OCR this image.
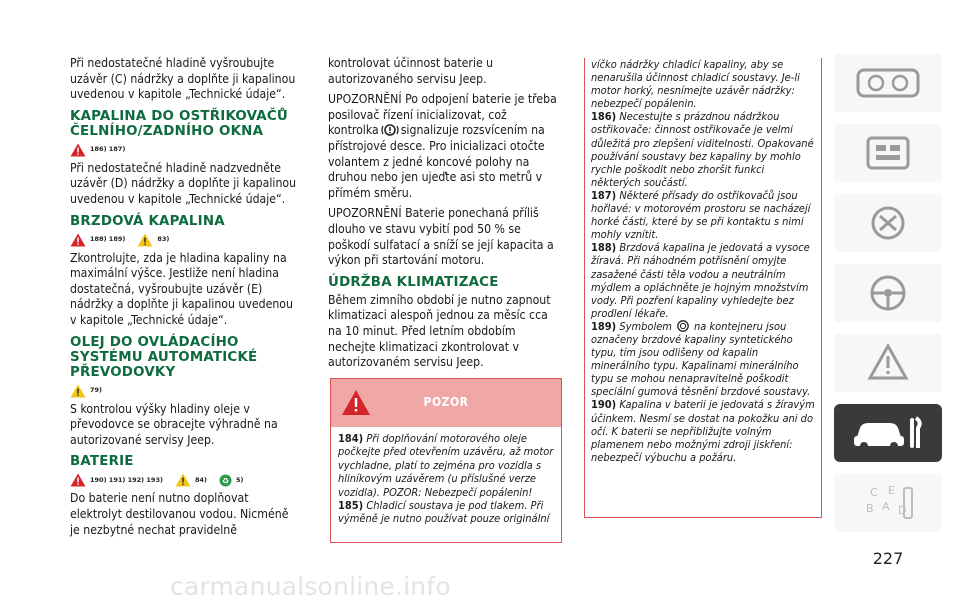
Při nedostatečné hladině vyšroubujte uzávěr (C) nádržky a doplňte ji kapalinou uvedenou v kapitole „Technické údaje“.

KAPALINA DO OSTŘIKOVAČŮ ČELNÍHO/ZADNÍHO OKNA
186) 187)

Při nedostatečné hladině nadzvedněte uzávěr (D) nádržky a doplňte ji kapalinou uvedenou v kapitole „Technické údaje“.

BRZDOVÁ KAPALINA
188) 189)	83)

Zkontrolujte, zda je hladina kapaliny na maximální výšce. Jestliže není hladina dostatečná, vyšroubujte uzávěr (E) nádržky a doplňte ji kapalinou uvedenou v kapitole „Technické údaje“.

OLEJ DO OVLÁDACÍHO SYSTÉMU AUTOMATICKÉ PŘEVODOVKY
79)

S kontrolou výšky hladiny oleje v převodovce se obracejte výhradně na autorizované servisy Jeep.

BATERIE
190) 191) 192) 193)	84) ♻ 5)

Do baterie není nutno doplňovat elektrolyt destilovanou vodou. Nicméně je nezbytné nechat pravidelně

kontrolovat účinnost baterie u autorizovaného servisu Jeep.

UPOZORNĚNÍ Po odpojení baterie je třeba posilovač řízení inicializovat, což kontrolka signalizuje rozsvícením na přístrojové desce. Pro inicializaci otočte volantem z jedné koncové polohy na druhou nebo jen ujeďte asi sto metrů v přímém směru.

UPOZORNĚNÍ Baterie ponechaná příliš dlouho ve stavu vybití pod 50 % se poškodí sulfatací a sníží se její kapacita a výkon při startování motoru.

ÚDRŽBA KLIMATIZACE

Během zimního období je nutno zapnout klimatizaci alespoň jednou za měsíc cca na 10 minut. Před letním obdobím nechejte klimatizaci zkontrolovat v autorizovaném servisu Jeep.

POZOR

184) Při doplňování motorového oleje počkejte před otevřením uzávěru, až motor vychladne, platí to zejména pro vozidla s hliníkovým uzávěrem (u příslušné verze vozidla). POZOR: Nebezpečí popálenin!

185) Chladicí soustava je pod tlakem. Při výměně je nutno používat pouze originální

víčko nádržky chladicí kapaliny, aby se nenarušila účinnost chladicí soustavy. Je-li motor horký, nesnímejte uzávěr nádržky: nebezpečí popálenin.

186) Necestujte s prázdnou nádržkou ostřikovače: činnost ostřikovače je velmi důležitá pro zlepšení viditelnosti. Opakované používání soustavy bez kapaliny by mohlo rychle poškodit nebo zhoršit funkci některých součástí.

187) Některé přísady do ostřikovačů jsou hořlavé: v motorovém prostoru se nacházejí horké části, které by se při kontaktu s nimi mohly vznítit.

188) Brzdová kapalina je jedovatá a vysoce žíravá. Při náhodném potřísnění omyjte zasažené části těla vodou a neutrálním mýdlem a opláchněte je hojným množstvím vody. Při pozření kapaliny vyhledejte bez prodlení lékaře.

189) Symbolem na kontejneru jsou označeny brzdové kapaliny syntetického typu, tím jsou odlišeny od kapalin minerálního typu. Kapalinami minerálního typu se mohou nenapravitelně poškodit speciální gumová těsnění brzdové soustavy.

190) Kapalina v baterii je jedovatá s žíravým účinkem. Nesmí se dostat na pokožku ani do očí. K baterii se nepřibližujte volným plamenem nebo možnými zdroji jiskření: nebezpečí výbuchu a požáru.

C E
B A D
227
carmanualsonline.info
